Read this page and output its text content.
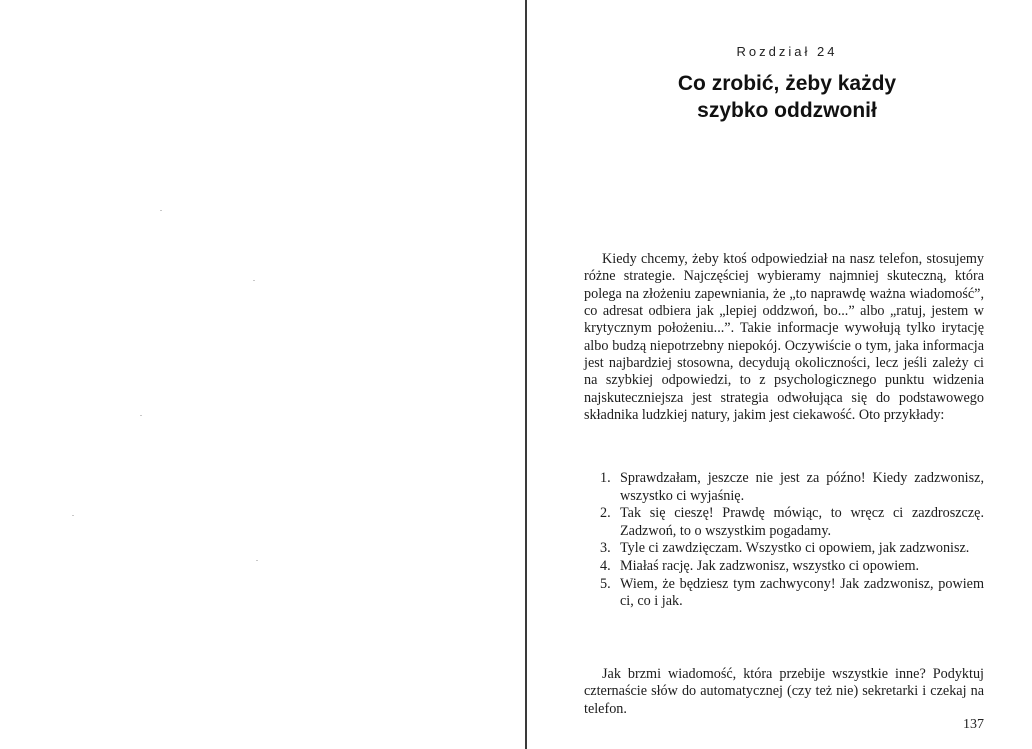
Rozdział 24
Co zrobić, żeby każdy
szybko oddzwonił

Kiedy chcemy, żeby ktoś odpowiedział na nasz telefon, stosujemy różne strategie. Najczęściej wybieramy najmniej skuteczną, która polega na złożeniu zapewniania, że „to naprawdę ważna wiadomość”, co adresat odbiera jak „lepiej oddzwoń, bo...” albo „ratuj, jestem w krytycznym położeniu...”. Takie informacje wywołują tylko irytację albo budzą niepotrzebny niepokój. Oczywiście o tym, jaka informacja jest najbardziej stosowna, decydują okoliczności, lecz jeśli zależy ci na szybkiej odpowiedzi, to z psychologicznego punktu widzenia najskuteczniejsza jest strategia odwołująca się do podstawowego składnika ludzkiej natury, jakim jest ciekawość. Oto przykłady:

1. Sprawdzałam, jeszcze nie jest za późno! Kiedy zadzwonisz, wszystko ci wyjaśnię.
2. Tak się cieszę! Prawdę mówiąc, to wręcz ci zazdroszczę. Zadzwoń, to o wszystkim pogadamy.
3. Tyle ci zawdzięczam. Wszystko ci opowiem, jak zadzwonisz.
4. Miałaś rację. Jak zadzwonisz, wszystko ci opowiem.
5. Wiem, że będziesz tym zachwycony! Jak zadzwonisz, powiem ci, co i jak.

Jak brzmi wiadomość, która przebije wszystkie inne? Podyktuj czternaście słów do automatycznej (czy też nie) sekretarki i czekaj na telefon.

137
